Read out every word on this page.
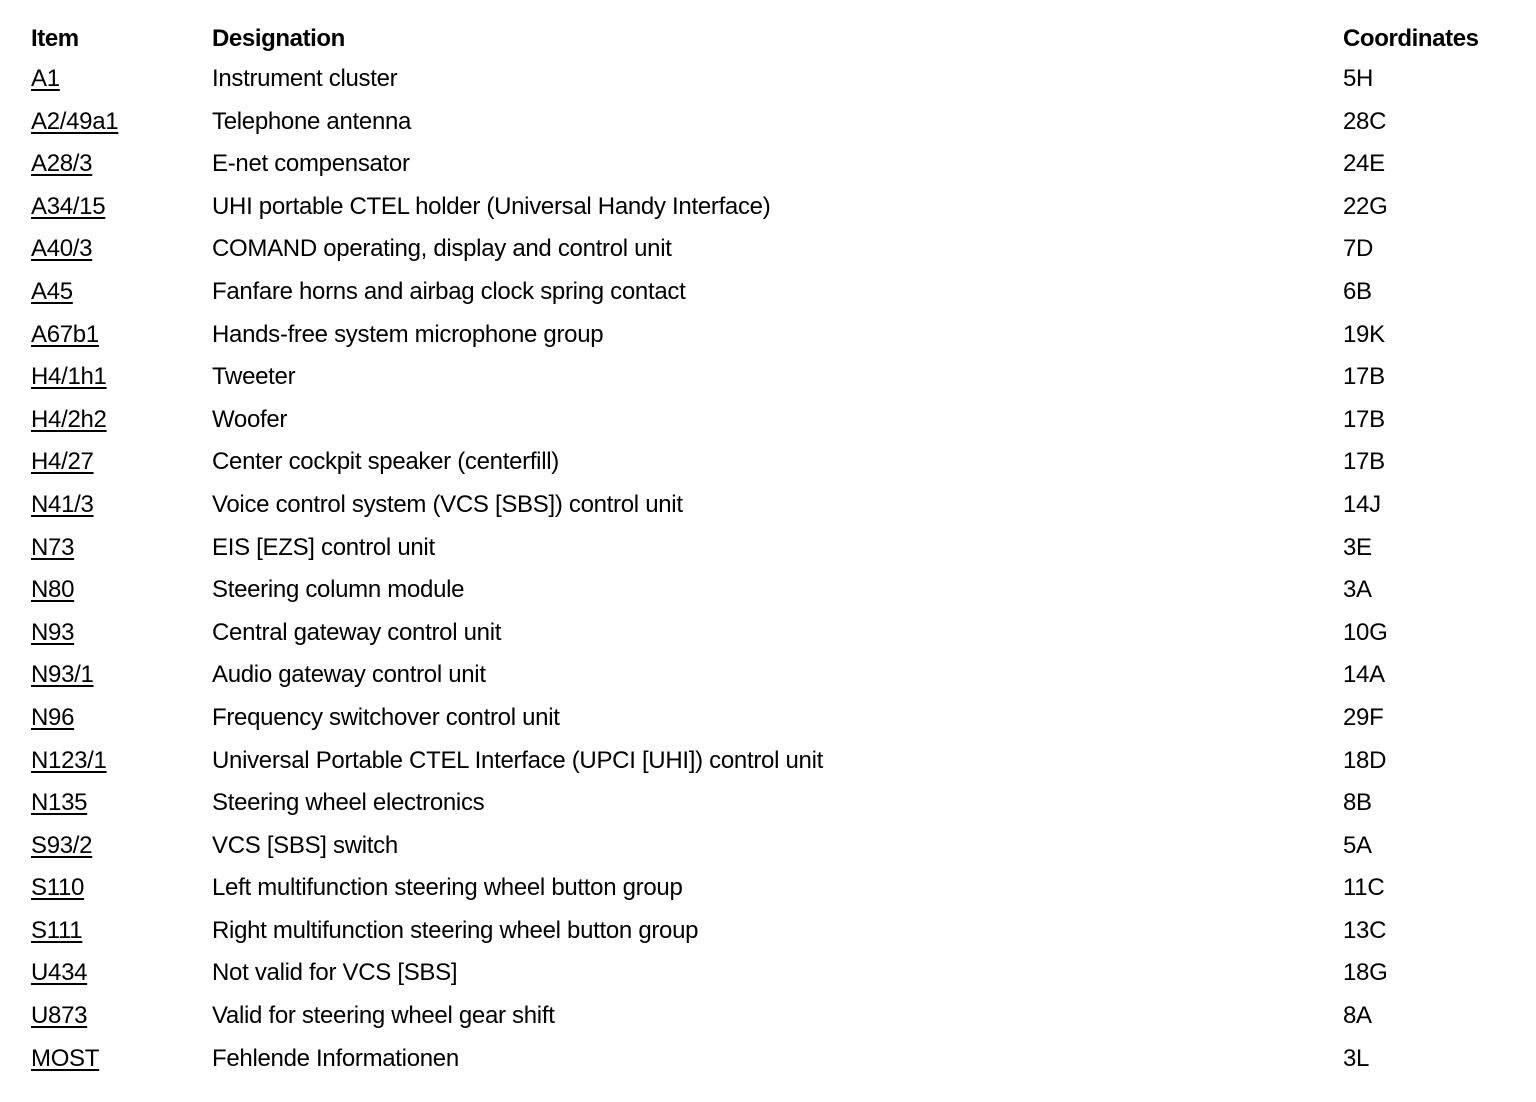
Item	Designation	Coordinates
A1	Instrument cluster	5H
A2/49a1	Telephone antenna	28C
A28/3	E-net compensator	24E
A34/15	UHI portable CTEL holder (Universal Handy Interface)	22G
A40/3	COMAND operating, display and control unit	7D
A45	Fanfare horns and airbag clock spring contact	6B
A67b1	Hands-free system microphone group	19K
H4/1h1	Tweeter	17B
H4/2h2	Woofer	17B
H4/27	Center cockpit speaker (centerfill)	17B
N41/3	Voice control system (VCS [SBS]) control unit	14J
N73	EIS [EZS] control unit	3E
N80	Steering column module	3A
N93	Central gateway control unit	10G
N93/1	Audio gateway control unit	14A
N96	Frequency switchover control unit	29F
N123/1	Universal Portable CTEL Interface (UPCI [UHI]) control unit	18D
N135	Steering wheel electronics	8B
S93/2	VCS [SBS] switch	5A
S110	Left multifunction steering wheel button group	11C
S111	Right multifunction steering wheel button group	13C
U434	Not valid for VCS [SBS]	18G
U873	Valid for steering wheel gear shift	8A
MOST	Fehlende Informationen	3L
